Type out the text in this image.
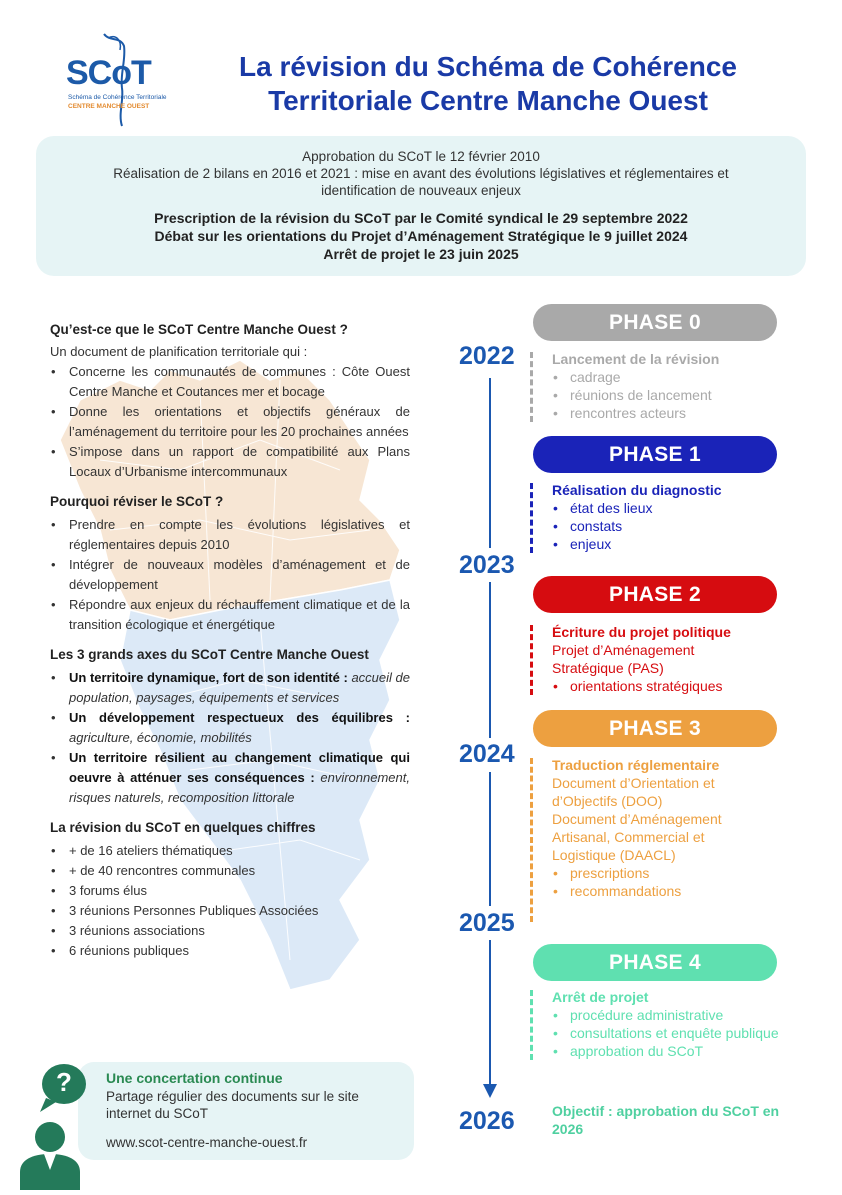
SCoT
Schéma de Cohérence Territoriale
CENTRE MANCHE OUEST
La révision du Schéma de Cohérence
Territoriale Centre Manche Ouest
Approbation du SCoT le 12 février 2010
Réalisation de 2 bilans en 2016 et 2021 : mise en avant des évolutions législatives et réglementaires et
identification de nouveaux enjeux
Prescription de la révision du SCoT par le Comité syndical le 29 septembre 2022
Débat sur les orientations du Projet d’Aménagement Stratégique le 9 juillet 2024
Arrêt de projet le 23 juin 2025
Qu’est-ce que le SCoT Centre Manche Ouest ?
Un document de planification territoriale qui :
• Concerne les communautés de communes : Côte Ouest Centre Manche et Coutances mer et bocage
• Donne les orientations et objectifs généraux de l’aménagement du territoire pour les 20 prochaines années
• S’impose dans un rapport de compatibilité aux Plans Locaux d’Urbanisme intercommunaux
Pourquoi réviser le SCoT ?
• Prendre en compte les évolutions législatives et réglementaires depuis 2010
• Intégrer de nouveaux modèles d’aménagement et de développement
• Répondre aux enjeux du réchauffement climatique et de la transition écologique et énergétique
Les 3 grands axes du SCoT Centre Manche Ouest
• Un territoire dynamique, fort de son identité : accueil de population, paysages, équipements et services
• Un développement respectueux des équilibres : agriculture, économie, mobilités
• Un territoire résilient au changement climatique qui oeuvre à atténuer ses conséquences : environnement, risques naturels, recomposition littorale
La révision du SCoT en quelques chiffres
• + de 16 ateliers thématiques
• + de 40 rencontres communales
• 3 forums élus
• 3 réunions Personnes Publiques Associées
• 3 réunions associations
• 6 réunions publiques
Une concertation continue
Partage régulier des documents sur le site internet du SCoT
www.scot-centre-manche-ouest.fr
?
2022
2023
2024
2025
2026
PHASE 0
Lancement de la révision
• cadrage
• réunions de lancement
• rencontres acteurs
PHASE 1
Réalisation du diagnostic
• état des lieux
• constats
• enjeux
PHASE 2
Écriture du projet politique
Projet d’Aménagement
Stratégique (PAS)
• orientations stratégiques
PHASE 3
Traduction réglementaire
Document d’Orientation et
d’Objectifs (DOO)
Document d’Aménagement
Artisanal, Commercial et
Logistique (DAACL)
• prescriptions
• recommandations
PHASE 4
Arrêt de projet
• procédure administrative
• consultations et enquête publique
• approbation du SCoT
Objectif : approbation du SCoT en 2026
